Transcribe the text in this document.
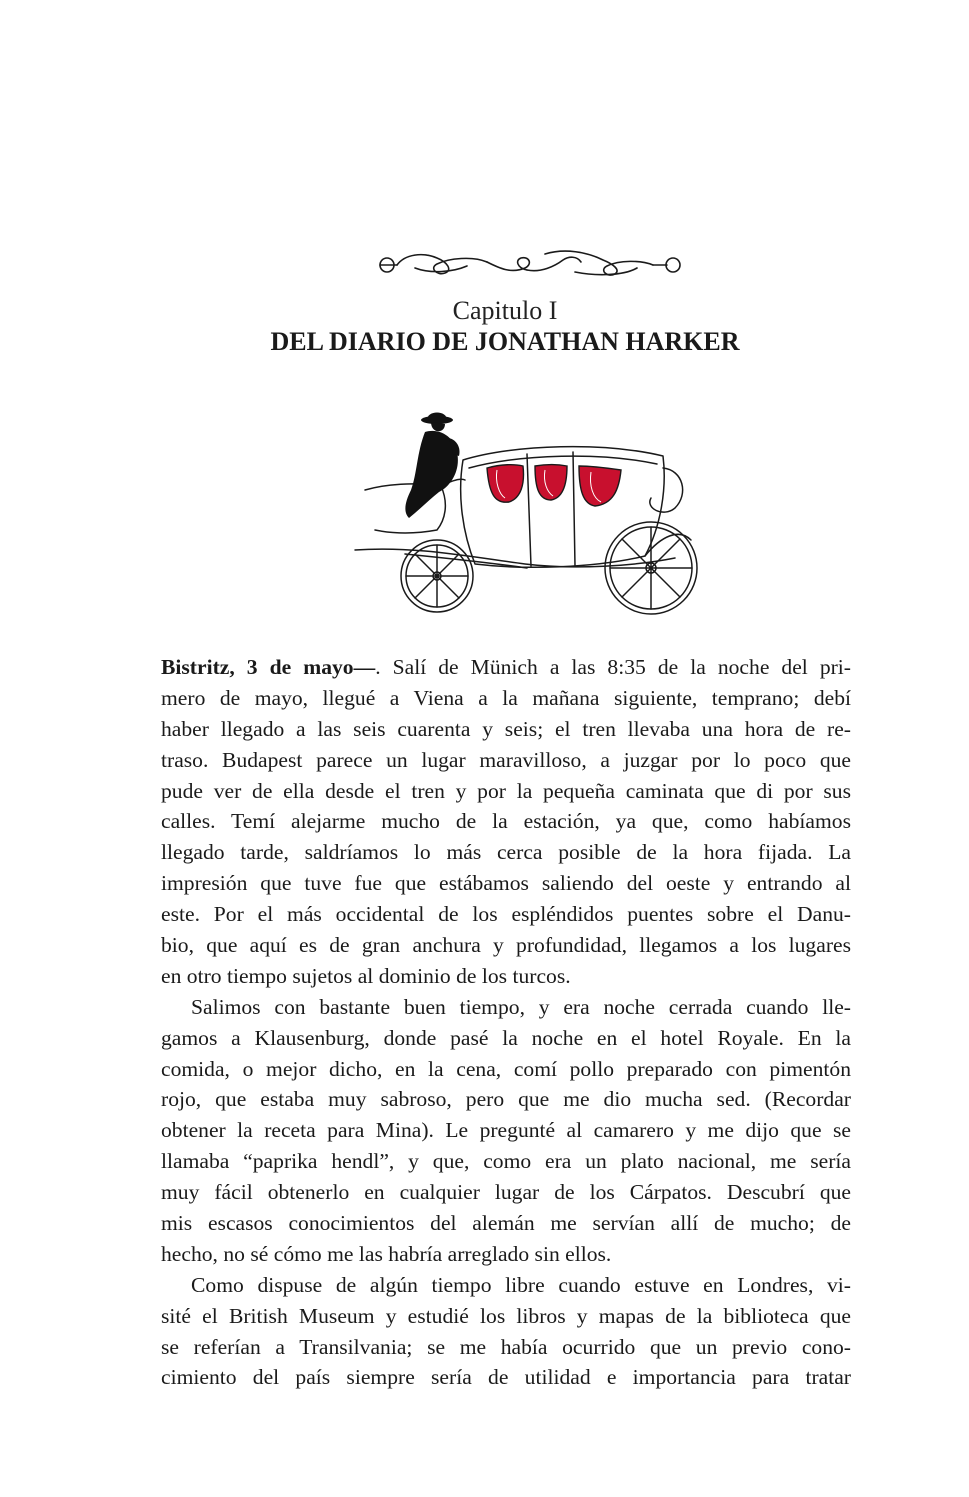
Capitulo I
DEL DIARIO DE JONATHAN HARKER
Bistritz, 3 de mayo—. Salí de Münich a las 8:35 de la noche del pri-
mero de mayo, llegué a Viena a la mañana siguiente, temprano; debí
haber llegado a las seis cuarenta y seis; el tren llevaba una hora de re-
traso. Budapest parece un lugar maravilloso, a juzgar por lo poco que
pude ver de ella desde el tren y por la pequeña caminata que di por sus
calles. Temí alejarme mucho de la estación, ya que, como habíamos
llegado tarde, saldríamos lo más cerca posible de la hora fijada. La
impresión que tuve fue que estábamos saliendo del oeste y entrando al
este. Por el más occidental de los espléndidos puentes sobre el Danu-
bio, que aquí es de gran anchura y profundidad, llegamos a los lugares
en otro tiempo sujetos al dominio de los turcos.
Salimos con bastante buen tiempo, y era noche cerrada cuando lle-
gamos a Klausenburg, donde pasé la noche en el hotel Royale. En la
comida, o mejor dicho, en la cena, comí pollo preparado con pimentón
rojo, que estaba muy sabroso, pero que me dio mucha sed. (Recordar
obtener la receta para Mina). Le pregunté al camarero y me dijo que se
llamaba “paprika hendl”, y que, como era un plato nacional, me sería
muy fácil obtenerlo en cualquier lugar de los Cárpatos. Descubrí que
mis escasos conocimientos del alemán me servían allí de mucho; de
hecho, no sé cómo me las habría arreglado sin ellos.
Como dispuse de algún tiempo libre cuando estuve en Londres, vi-
sité el British Museum y estudié los libros y mapas de la biblioteca que
se referían a Transilvania; se me había ocurrido que un previo cono-
cimiento del país siempre sería de utilidad e importancia para tratar
